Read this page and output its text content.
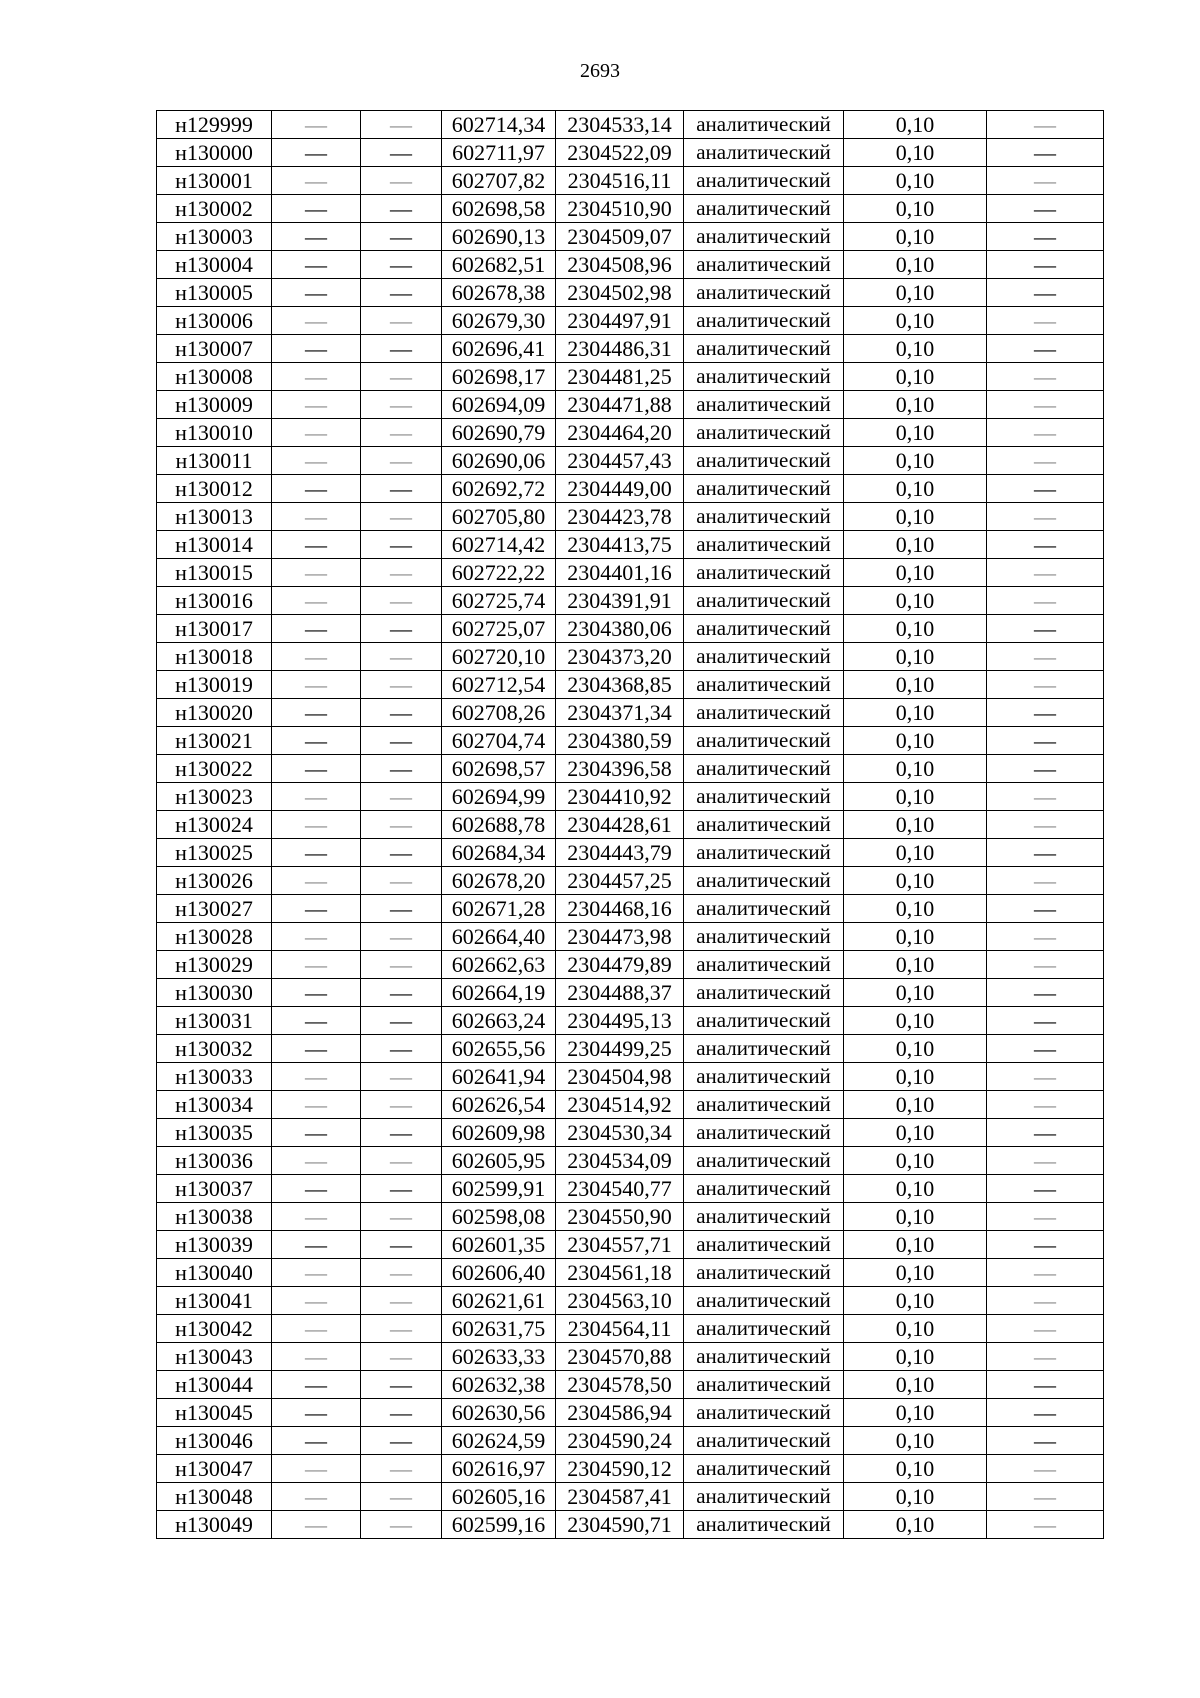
2693
н129999	—	—	602714,34	2304533,14	аналитический	0,10	—
н130000	—	—	602711,97	2304522,09	аналитический	0,10	—
н130001	—	—	602707,82	2304516,11	аналитический	0,10	—
н130002	—	—	602698,58	2304510,90	аналитический	0,10	—
н130003	—	—	602690,13	2304509,07	аналитический	0,10	—
н130004	—	—	602682,51	2304508,96	аналитический	0,10	—
н130005	—	—	602678,38	2304502,98	аналитический	0,10	—
н130006	—	—	602679,30	2304497,91	аналитический	0,10	—
н130007	—	—	602696,41	2304486,31	аналитический	0,10	—
н130008	—	—	602698,17	2304481,25	аналитический	0,10	—
н130009	—	—	602694,09	2304471,88	аналитический	0,10	—
н130010	—	—	602690,79	2304464,20	аналитический	0,10	—
н130011	—	—	602690,06	2304457,43	аналитический	0,10	—
н130012	—	—	602692,72	2304449,00	аналитический	0,10	—
н130013	—	—	602705,80	2304423,78	аналитический	0,10	—
н130014	—	—	602714,42	2304413,75	аналитический	0,10	—
н130015	—	—	602722,22	2304401,16	аналитический	0,10	—
н130016	—	—	602725,74	2304391,91	аналитический	0,10	—
н130017	—	—	602725,07	2304380,06	аналитический	0,10	—
н130018	—	—	602720,10	2304373,20	аналитический	0,10	—
н130019	—	—	602712,54	2304368,85	аналитический	0,10	—
н130020	—	—	602708,26	2304371,34	аналитический	0,10	—
н130021	—	—	602704,74	2304380,59	аналитический	0,10	—
н130022	—	—	602698,57	2304396,58	аналитический	0,10	—
н130023	—	—	602694,99	2304410,92	аналитический	0,10	—
н130024	—	—	602688,78	2304428,61	аналитический	0,10	—
н130025	—	—	602684,34	2304443,79	аналитический	0,10	—
н130026	—	—	602678,20	2304457,25	аналитический	0,10	—
н130027	—	—	602671,28	2304468,16	аналитический	0,10	—
н130028	—	—	602664,40	2304473,98	аналитический	0,10	—
н130029	—	—	602662,63	2304479,89	аналитический	0,10	—
н130030	—	—	602664,19	2304488,37	аналитический	0,10	—
н130031	—	—	602663,24	2304495,13	аналитический	0,10	—
н130032	—	—	602655,56	2304499,25	аналитический	0,10	—
н130033	—	—	602641,94	2304504,98	аналитический	0,10	—
н130034	—	—	602626,54	2304514,92	аналитический	0,10	—
н130035	—	—	602609,98	2304530,34	аналитический	0,10	—
н130036	—	—	602605,95	2304534,09	аналитический	0,10	—
н130037	—	—	602599,91	2304540,77	аналитический	0,10	—
н130038	—	—	602598,08	2304550,90	аналитический	0,10	—
н130039	—	—	602601,35	2304557,71	аналитический	0,10	—
н130040	—	—	602606,40	2304561,18	аналитический	0,10	—
н130041	—	—	602621,61	2304563,10	аналитический	0,10	—
н130042	—	—	602631,75	2304564,11	аналитический	0,10	—
н130043	—	—	602633,33	2304570,88	аналитический	0,10	—
н130044	—	—	602632,38	2304578,50	аналитический	0,10	—
н130045	—	—	602630,56	2304586,94	аналитический	0,10	—
н130046	—	—	602624,59	2304590,24	аналитический	0,10	—
н130047	—	—	602616,97	2304590,12	аналитический	0,10	—
н130048	—	—	602605,16	2304587,41	аналитический	0,10	—
н130049	—	—	602599,16	2304590,71	аналитический	0,10	—
